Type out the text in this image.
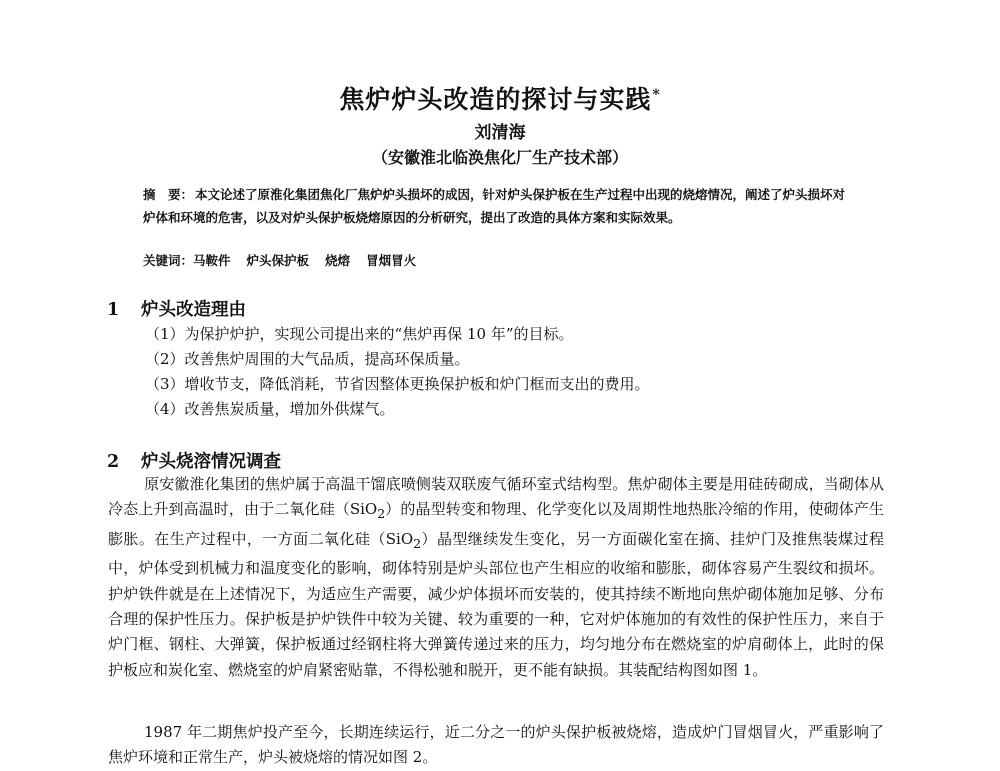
焦炉炉头改造的探讨与实践*
刘清海
（安徽淮北临涣焦化厂生产技术部）
摘　要： 本文论述了原淮化集团焦化厂焦炉炉头损坏的成因，针对炉头保护板在生产过程中出现的烧熔情况，阐述了炉头损坏对炉体和环境的危害，以及对炉头保护板烧熔原因的分析研究，提出了改造的具体方案和实际效果。
关键词：马鞍件 炉头保护板 烧熔 冒烟冒火
1 炉头改造理由
（1）为保护炉护，实现公司提出来的“焦炉再保 10 年”的目标。
（2）改善焦炉周围的大气品质，提高环保质量。
（3）增收节支，降低消耗，节省因整体更换保护板和炉门框而支出的费用。
（4）改善焦炭质量，增加外供煤气。
2 炉头烧溶情况调查
原安徽淮化集团的焦炉属于高温干馏底喷侧装双联废气循环室式结构型。焦炉砌体主要是用硅砖砌成，当砌体从冷态上升到高温时，由于二氧化硅（SiO$_2$）的晶型转变和物理、化学变化以及周期性地热胀冷缩的作用，使砌体产生膨胀。在生产过程中，一方面二氧化硅（SiO$_2$）晶型继续发生变化，另一方面碳化室在摘、挂炉门及推焦装煤过程中，炉体受到机械力和温度变化的影响，砌体特别是炉头部位也产生相应的收缩和膨胀，砌体容易产生裂纹和损坏。护炉铁件就是在上述情况下，为适应生产需要，减少炉体损坏而安装的，使其持续不断地向焦炉砌体施加足够、分布合理的保护性压力。保护板是护炉铁件中较为关键、较为重要的一种，它对炉体施加的有效性的保护性压力，来自于炉门框、钢柱、大弹簧，保护板通过经钢柱将大弹簧传递过来的压力，均匀地分布在燃烧室的炉肩砌体上，此时的保护板应和炭化室、燃烧室的炉肩紧密贴靠，不得松驰和脱开，更不能有缺损。其装配结构图如图 1。
1987 年二期焦炉投产至今，长期连续运行，近二分之一的炉头保护板被烧熔，造成炉门冒烟冒火，严重影响了焦炉环境和正常生产，炉头被烧熔的情况如图 2。
